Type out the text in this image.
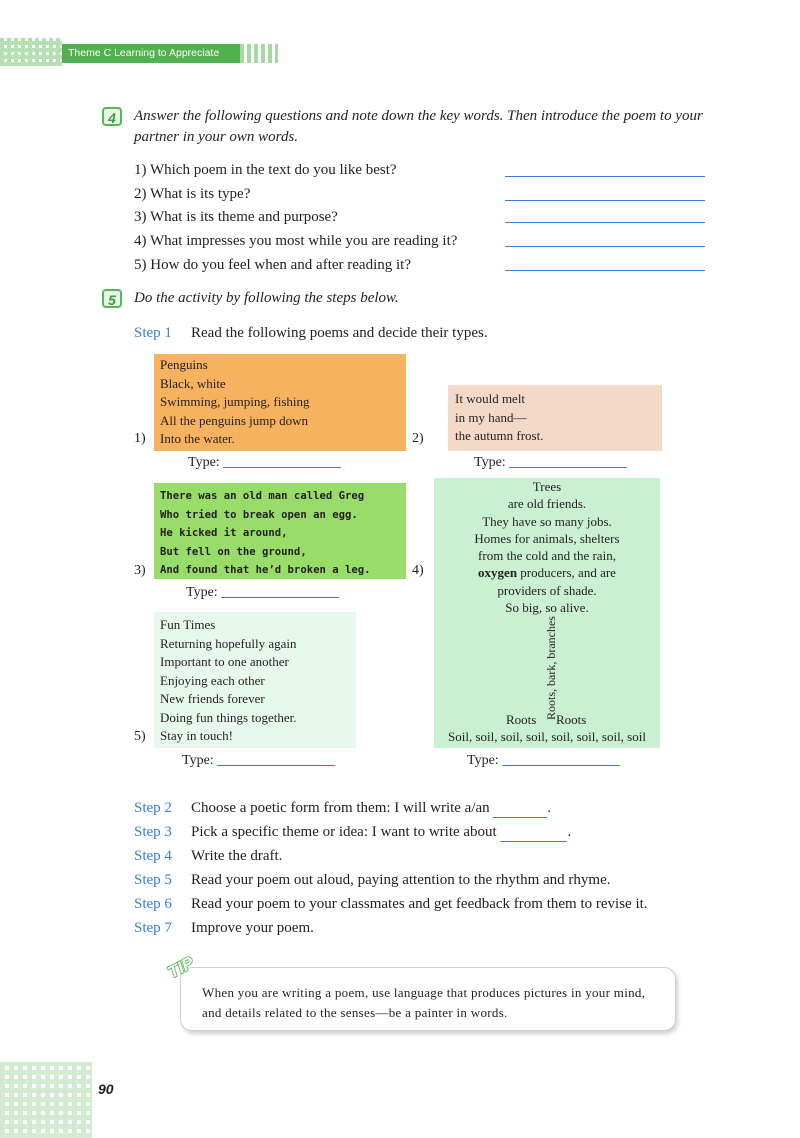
Theme C Learning to Appreciate
4	Answer the following questions and note down the key words. Then introduce the poem to your partner in your own words.
1) Which poem in the text do you like best?
2) What is its type?
3) What is its theme and purpose?
4) What impresses you most while you are reading it?
5) How do you feel when and after reading it?
5	Do the activity by following the steps below.
Step 1 Read the following poems and decide their types.
Penguins
Black, white
Swimming, jumping, fishing
All the penguins jump down
Into the water.
1)
Type:
It would melt
in my hand—
the autumn frost.
2)
Type:
There was an old man called Greg
Who tried to break open an egg.
He kicked it around,
But fell on the ground,
And found that he’d broken a leg.
3)
Type:
Trees
are old friends.
They have so many jobs.
Homes for animals, shelters
from the cold and the rain,
oxygen producers, and are
providers of shade.
So big, so alive.
Roots, bark, branches
Roots Roots
Soil, soil, soil, soil, soil, soil, soil, soil
4)
Type:
Fun Times
Returning hopefully again
Important to one another
Enjoying each other
New friends forever
Doing fun things together.
Stay in touch!
5)
Type:
Step 2 Choose a poetic form from them: I will write a/an	.
Step 3 Pick a specific theme or idea: I want to write about	.
Step 4 Write the draft.
Step 5 Read your poem out aloud, paying attention to the rhythm and rhyme.
Step 6 Read your poem to your classmates and get feedback from them to revise it.
Step 7 Improve your poem.
TIP
When you are writing a poem, use language that produces pictures in your mind, and details related to the senses—be a painter in words.
90
